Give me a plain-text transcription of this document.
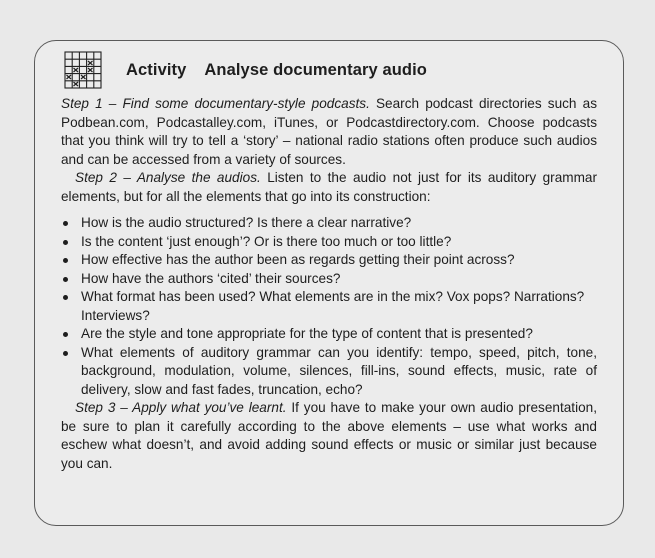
Activity Analyse documentary audio

Step 1 – Find some documentary-style podcasts. Search podcast directories such as Podbean.com, Podcastalley.com, iTunes, or Podcastdirectory.com. Choose podcasts that you think will try to tell a ‘story’ – national radio stations often produce such audios and can be accessed from a variety of sources.

Step 2 – Analyse the audios. Listen to the audio not just for its auditory grammar elements, but for all the elements that go into its construction:

How is the audio structured? Is there a clear narrative?
Is the content ‘just enough’? Or is there too much or too little?
How effective has the author been as regards getting their point across?
How have the authors ‘cited’ their sources?
What format has been used? What elements are in the mix? Vox pops? Narrations? Interviews?
Are the style and tone appropriate for the type of content that is presented?
What elements of auditory grammar can you identify: tempo, speed, pitch, tone, background, modulation, volume, silences, fill-ins, sound effects, music, rate of delivery, slow and fast fades, truncation, echo?

Step 3 – Apply what you’ve learnt. If you have to make your own audio presentation, be sure to plan it carefully according to the above elements – use what works and eschew what doesn’t, and avoid adding sound effects or music or similar just because you can.
